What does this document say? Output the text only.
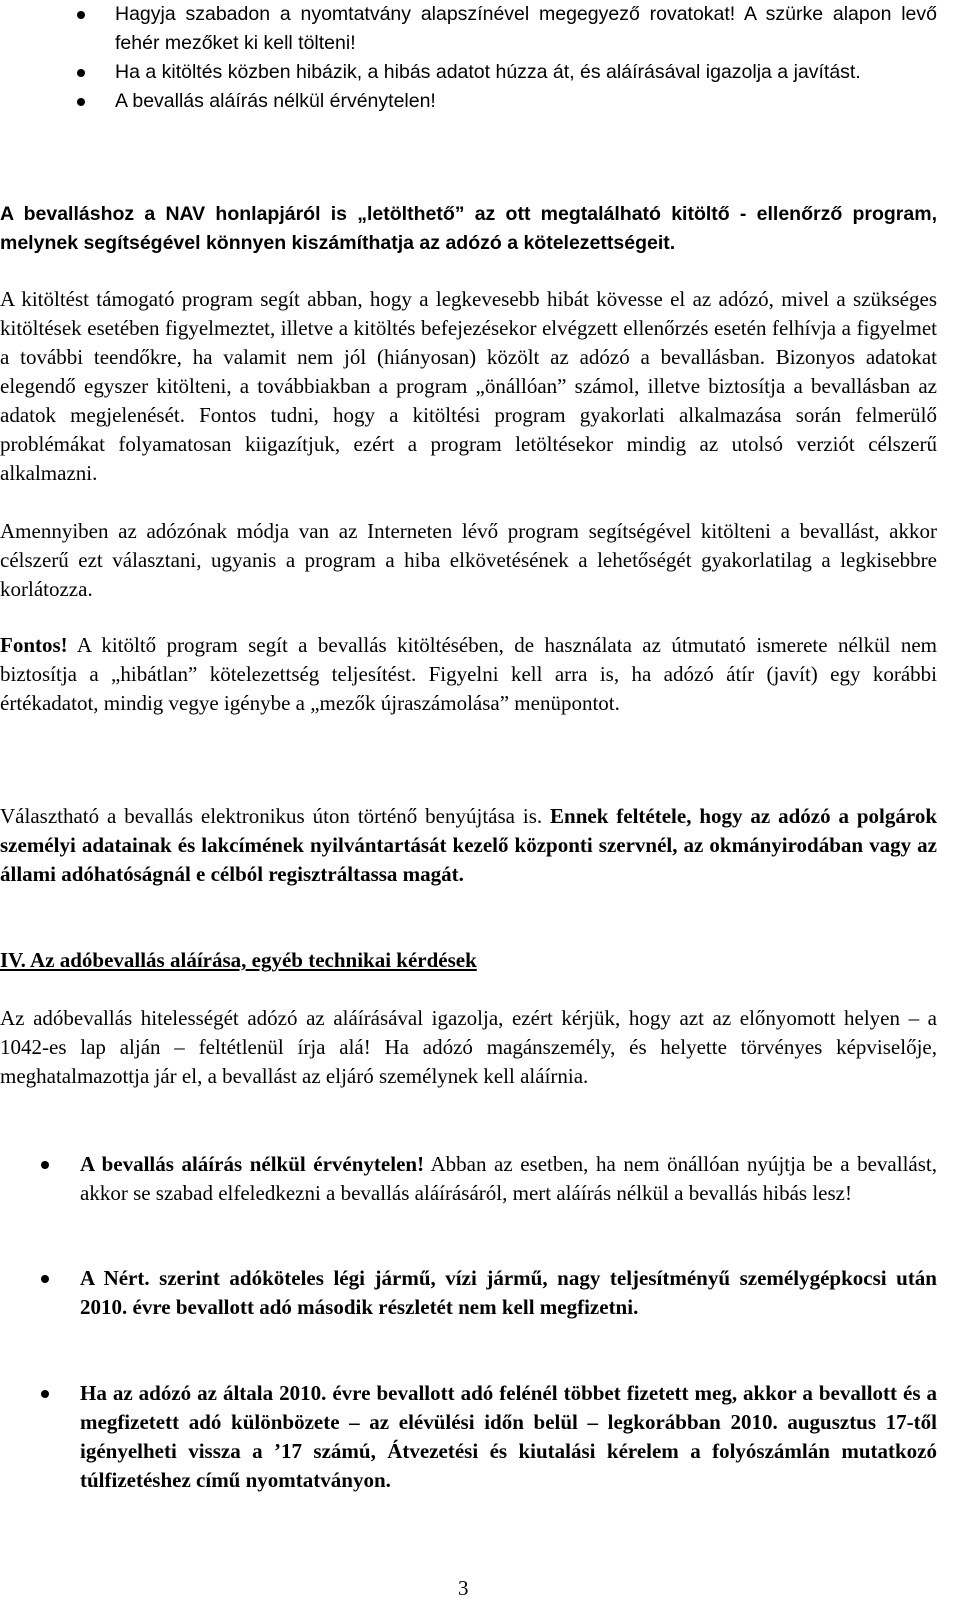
Hagyja szabadon a nyomtatvány alapszínével megegyező rovatokat! A szürke alapon levő fehér mezőket ki kell tölteni!
Ha a kitöltés közben hibázik, a hibás adatot húzza át, és aláírásával igazolja a javítást.
A bevallás aláírás nélkül érvénytelen!

A bevalláshoz a NAV honlapjáról is „letölthető” az ott megtalálható kitöltő - ellenőrző program, melynek segítségével könnyen kiszámíthatja az adózó a kötelezettségeit.

A kitöltést támogató program segít abban, hogy a legkevesebb hibát kövesse el az adózó, mivel a szükséges kitöltések esetében figyelmeztet, illetve a kitöltés befejezésekor elvégzett ellenőrzés esetén felhívja a figyelmet a további teendőkre, ha valamit nem jól (hiányosan) közölt az adózó a bevallásban. Bizonyos adatokat elegendő egyszer kitölteni, a továbbiakban a program „önállóan” számol, illetve biztosítja a bevallásban az adatok megjelenését. Fontos tudni, hogy a kitöltési program gyakorlati alkalmazása során felmerülő problémákat folyamatosan kiigazítjuk, ezért a program letöltésekor mindig az utolsó verziót célszerű alkalmazni.

Amennyiben az adózónak módja van az Interneten lévő program segítségével kitölteni a bevallást, akkor célszerű ezt választani, ugyanis a program a hiba elkövetésének a lehetőségét gyakorlatilag a legkisebbre korlátozza.

Fontos! A kitöltő program segít a bevallás kitöltésében, de használata az útmutató ismerete nélkül nem biztosítja a „hibátlan” kötelezettség teljesítést. Figyelni kell arra is, ha adózó átír (javít) egy korábbi értékadatot, mindig vegye igénybe a „mezők újraszámolása” menüpontot.

Választható a bevallás elektronikus úton történő benyújtása is. Ennek feltétele, hogy az adózó a polgárok személyi adatainak és lakcímének nyilvántartását kezelő központi szervnél, az okmányirodában vagy az állami adóhatóságnál e célból regisztráltassa magát.

IV. Az adóbevallás aláírása, egyéb technikai kérdések

Az adóbevallás hitelességét adózó az aláírásával igazolja, ezért kérjük, hogy azt az előnyomott helyen – a 1042-es lap alján – feltétlenül írja alá! Ha adózó magánszemély, és helyette törvényes képviselője, meghatalmazottja jár el, a bevallást az eljáró személynek kell aláírnia.

A bevallás aláírás nélkül érvénytelen! Abban az esetben, ha nem önállóan nyújtja be a bevallást, akkor se szabad elfeledkezni a bevallás aláírásáról, mert aláírás nélkül a bevallás hibás lesz!
A Nért. szerint adóköteles légi jármű, vízi jármű, nagy teljesítményű személygépkocsi után 2010. évre bevallott adó második részletét nem kell megfizetni.
Ha az adózó az általa 2010. évre bevallott adó felénél többet fizetett meg, akkor a bevallott és a megfizetett adó különbözete – az elévülési időn belül – legkorábban 2010. augusztus 17-től igényelheti vissza a ’17 számú, Átvezetési és kiutalási kérelem a folyószámlán mutatkozó túlfizetéshez című nyomtatványon.
3
